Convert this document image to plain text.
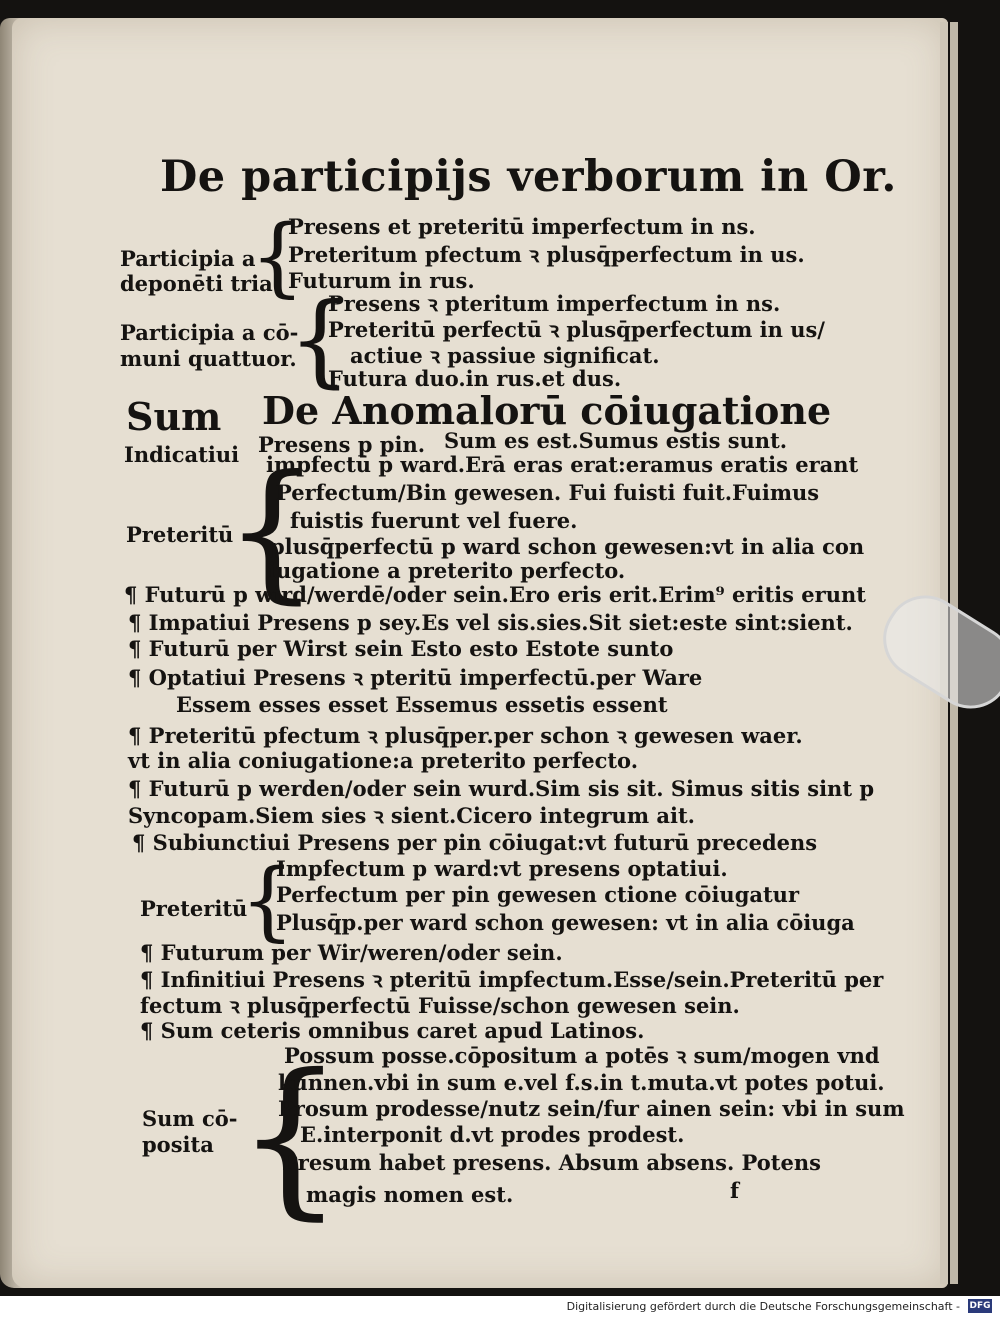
De participijs verborum in Or.
Participia a
deponēti tria
{
Presens et preteritū imperfectum in ns.
Preteritum pfectum ꝛ plusq̄perfectum in us.
Futurum in rus.
Participia a cō-
muni quattuor.
{
Presens ꝛ pteritum imperfectum in ns.
Preteritū perfectū ꝛ plusq̄perfectum in us/
actiue ꝛ passiue significat.
Futura duo.in rus.et dus.
Sum De Anomalorū cōiugatione
Indicatiui Presens p pin. Sum es est.Sumus estis sunt.
Preteritū
{
impfectū p ward.Erā eras erat:eramus eratis erant
Perfectum/Bin gewesen. Fui fuisti fuit.Fuimus
fuistis fuerunt vel fuere.
plusq̄perfectū p ward schon gewesen:vt in alia con
iugatione a preterito perfecto.
¶ Futurū p wird/werdē/oder sein.Ero eris erit.Erim⁹ eritis erunt
¶ Impatiui Presens p sey.Es vel sis.sies.Sit siet:este sint:sient.
¶ Futurū per Wirst sein Esto esto Estote sunto
¶ Optatiui Presens ꝛ pteritū imperfectū.per Ware
Essem esses esset Essemus essetis essent
¶ Preteritū pfectum ꝛ plusq̄per.per schon ꝛ gewesen waer.
vt in alia coniugatione:a preterito perfecto.
¶ Futurū p werden/oder sein wurd.Sim sis sit. Simus sitis sint p
Syncopam.Siem sies ꝛ sient.Cicero integrum ait.
¶ Subiunctiui Presens per pin cōiugat:vt futurū precedens
Preteritū
{
Impfectum p ward:vt presens optatiui.
Perfectum per pin gewesen ctione cōiugatur
Plusq̄p.per ward schon gewesen: vt in alia cōiuga
¶ Futurum per Wir/weren/oder sein.
¶ Infinitiui Presens ꝛ pteritū impfectum.Esse/sein.Preteritū per
fectum ꝛ plusq̄perfectū Fuisse/schon gewesen sein.
¶ Sum ceteris omnibus caret apud Latinos.
Sum cō-
posita {
Possum posse.cōpositum a potēs ꝛ sum/mogen vnd
kunnen.vbi in sum e.vel f.s.in t.muta.vt potes potui.
Prosum prodesse/nutz sein/fur ainen sein: vbi in sum
E.interponit d.vt prodes prodest.
Presum habet presens. Absum absens. Potens
magis nomen est.	f
Digitalisierung gefördert durch die Deutsche Forschungsgemeinschaft - DFG
